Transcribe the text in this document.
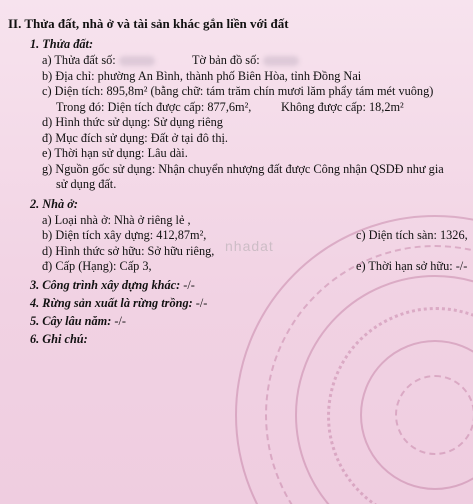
nhadat
II. Thửa đất, nhà ở và tài sản khác gắn liền với đất
1. Thửa đất:
a) Thửa đất số:	Tờ bản đồ số:
b) Địa chỉ: phường An Bình, thành phố Biên Hòa, tỉnh Đồng Nai
c) Diện tích: 895,8m² (bằng chữ: tám trăm chín mươi lăm phẩy tám mét vuông)
Trong đó: Diện tích được cấp: 877,6m², Không được cấp: 18,2m²
d) Hình thức sử dụng: Sử dụng riêng
đ) Mục đích sử dụng: Đất ở tại đô thị.
e) Thời hạn sử dụng: Lâu dài.
g) Nguồn gốc sử dụng: Nhận chuyển nhượng đất được Công nhận QSDĐ như gia
sử dụng đất.
2. Nhà ở:
a) Loại nhà ở: Nhà ở riêng lẻ ,
b) Diện tích xây dựng: 412,87m²,	c) Diện tích sàn: 1326,
d) Hình thức sở hữu: Sở hữu riêng,
đ) Cấp (Hạng): Cấp 3,	e) Thời hạn sở hữu: -/-
3. Công trình xây dựng khác: -/-
4. Rừng sản xuất là rừng trồng: -/-
5. Cây lâu năm: -/-
6. Ghi chú:
